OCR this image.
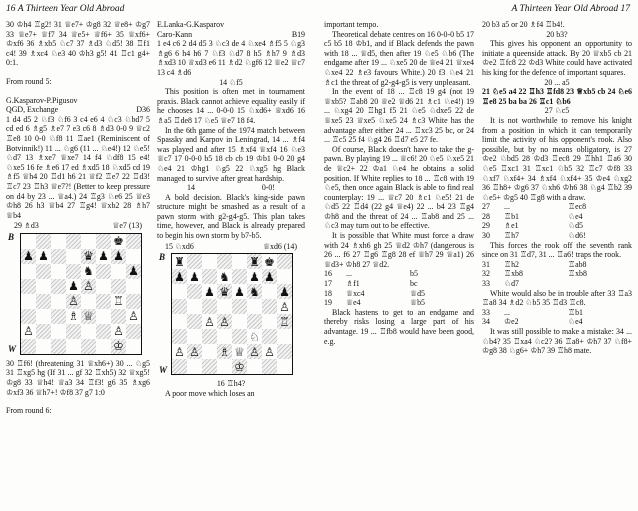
16 A Thirteen Year Old Abroad	A Thirteen Year Old Abroad 17

30 ♔h4 ♖g2! 31 ♕e7+ ♔g8 32 ♕e8+ ♔g7 33 ♕e7+ ♕f7 34 ♕e5+ ♕f6+ 35 ♕xf6+ ♔xf6 36 ♗xb5 ♘c7 37 ♗d3 ♘d5! 38 ♖f1 c4! 39 ♗xc4 ♘e3 40 ♔h3 g5! 41 ♖c1 g4+ 0:1.

From round 5:

G.Kasparov-P.Pigusov

QGD, Exchange	D36

1 d4 d5 2 ♘f3 ♘f6 3 c4 e6 4 ♘c3 ♘bd7 5 cd ed 6 ♗g5 ♗e7 7 e3 c6 8 ♗d3 0-0 9 ♕c2 ♖e8 10 0-0 ♘f8 11 ♖ae1 (Reminiscent of Botvinnik!) 11 ... ♘g6 (11 ... ♘e4!) 12 ♘e5! ♘d7 13 ♗xe7 ♕xe7 14 f4 ♘df8 15 e4! ♘xe5 16 fe ♗e6 17 ed ♗xd5 18 ♘xd5 cd 19 ♗f5 ♕h4 20 ♖d1 h6 21 ♕f2 ♖e7 22 ♖d3! ♖c7 23 ♖h3 ♕e7?! (Better to keep pressure on d4 by 23 ... ♕a4.) 24 ♖g3 ♘e6 25 ♕e3 ♔h8 26 h3 ♕b4 27 ♖g4! ♕xb2 28 ♗h7 ♕b4

29 ♗d3	♕e7 (13)
B
W
♚
♟ ♟	♛ ♟ ♟
♞	♟
♟ ♙
♙	♖
♗ ♕	♙
♙	♙
♔

30 ♖f6! (threatening 31 ♕xh6+) 30 ... ♘g5 31 ♖xg5 hg (If 31 ... gf 32 ♖xh5) 32 ♕xg5! ♔g8 33 ♕h4! ♕a3 34 ♖f3! g6 35 ♗xg6 ♔xf3 36 ♕h7+! ♔f8 37 g7 1:0

From round 6:

E.Lanka-G.Kasparov

Caro-Kann	B19

1 e4 c6 2 d4 d5 3 ♘c3 de 4 ♘xe4 ♗f5 5 ♘g3 ♗g6 6 h4 h6 7 ♘f3 ♘d7 8 h5 ♗h7 9 ♗d3 ♗xd3 10 ♕xd3 e6 11 ♗d2 ♘gf6 12 ♕e2 ♕c7 13 c4 ♗d6

14 ♘f5

This position is often met in tournament praxis. Black cannot achieve equality easily if he chooses 14 ... 0-0-0 15 ♘xd6+ ♕xd6 16 ♗a5 ♖de8 17 ♘e5 ♕e7 18 f4.

In the 6th game of the 1974 match between Spassky and Karpov in Leningrad, 14 ... ♗f4 was played and after 15 ♗xf4 ♕xf4 16 ♘e3 ♕c7 17 0-0-0 b5 18 cb cb 19 ♔b1 0-0 20 g4 ♘e4 21 ♔hg1 ♘g5 22 ♘xg5 hg Black managed to survive after great hardship.

14	0-0!

A bold decision. Black's king-side pawn structure might be smashed as a result of a pawn storm with g2-g4-g5. This plan takes time, however, and Black is already prepared to begin his own storm by b7-b5.

15 ♘xd6	♕xd6 (14)
B
W
♜	♜ ♚
♟ ♟ ♞ ♟ ♟
♟ ♛ ♟ ♞ ♟
♙
♙ ♙	♖
♘
♙ ♙ ♗ ♕ ♙ ♙
♔

16 ♖h4?

A poor move which loses an

important tempo.

Theoretical debate centres on 16 0-0-0 b5 17 c5 b5 18 ♔b1, and if Black defends the pawn with 18 ... ♕d5, then after 19 ♘e5 ♘b6 (The endgame after 19 ... ♘xe5 20 de ♕e4 21 ♕xe4 ♘xe4 22 ♗e3 favours White.) 20 f3 ♘e4 21 ♗c1 the threat of g2-g4-g5 is very unpleasant.

In the event of 18 ... ♖c8 19 g4 (not 19 ♕xb5? ♖ab8 20 ♕e2 ♕d6 21 ♗c1 ♘e4!) 19 ... ♘xg4 20 ♖hg1 f5 21 ♘e5 ♘dxe5 22 de ♕xe5 23 ♕xe5 ♘xe5 24 ♗c3 White has the advantage after either 24 ... ♖xc3 25 bc, or 24 ... ♖c5 25 f4 ♘g4 26 ♖d7 e5 27 fe.

Of course, Black doesn't have to take the g-pawn. By playing 19 ... ♕c6! 20 ♘e5 ♘xe5 21 de ♕c2+ 22 ♔a1 ♘e4 he obtains a solid position. If White replies to 18 ... ♖c8 with 19 ♘e5, then once again Black is able to find real counterplay: 19 ... ♕c7 20 ♗c1 ♘e5! 21 de ♘d5 22 ♖d4 (22 g4 ♕e4) 22 ... b4 23 ♖g4 ♔h8 and the threat of 24 ... ♖ab8 and 25 ... ♘c3 may turn out to be effective.

It is possible that White must force a draw with 24 ♗xh6 gh 25 ♕d2 ♔h7 (dangerous is 26 ... f6 27 ♖g6 ♖g8 28 ef ♕h7 29 ♕a1) 26 ♕d3+ ♔h8 27 ♕d2.

16	...	b5
17	♗f1	bc
18	♕xc4	♕d5
19	♕e4	♕b5

Black hastens to get to an endgame and thereby risks losing a large part of his advantage. 19 ... ♖fb8 would have been good, e.g.

20 b3 a5 or 20 ♗f4 ♖b4!.

20 b3?

This gives his opponent an opportunity to initiate a queenside attack. By 20 ♕xb5 cb 21 ♔e2 ♖fc8 22 ♔d3 White could have activated his king for the defence of important squares.

20 ... a5

21 ♘e5 a4 22 ♖h3 ♖fd8 23 ♕xb5 cb 24 ♘e6 ♖e8 25 ba ba 26 ♖c1 ♘b6

27 ♘c5

It is not worthwhile to remove his knight from a position in which it can temporarily limit the activity of his opponent's rook. Also possible, but by no means obligatory, is 27 ♔e2 ♘bd5 28 ♔d3 ♖ec8 29 ♖hh1 ♖a6 30 ♘e5 ♖xc1 31 ♖xc1 ♘b5 32 ♖c7 ♔f8 33 ♘xf7 ♘xf4+ 34 ♗xf4 ♘xf4+ 35 ♔e4 ♘xg2 36 ♖h8+ ♔g6 37 ♘xh6 ♔h6 38 ♘g4 ♖b2 39 ♘e5+ ♔g5 40 ♖g8 with a draw.

27	...	♖ec8
28	♖b1	♘e4
29	♗e1	♘d5
30	♖h7	♘d6!

This forces the rook off the seventh rank since on 31 ♖d7, 31 ... ♖a6! traps the rook.

31	♖h2	♖ab8
32	♖xb8	♖xb8
33	♘d7

White would also be in trouble after 33 ♖a3 ♖a8 34 ♗d2 ♘b5 35 ♖d3 ♖c8.

33	...	♖b1
34	♔e2	♘e4

It was still possible to make a mistake: 34 ... ♘b4? 35 ♖xa4 ♘c2? 36 ♖a8+ ♔h7 37 ♘f8+ ♔g8 38 ♘g6+ ♔h7 39 ♖h8 mate.
